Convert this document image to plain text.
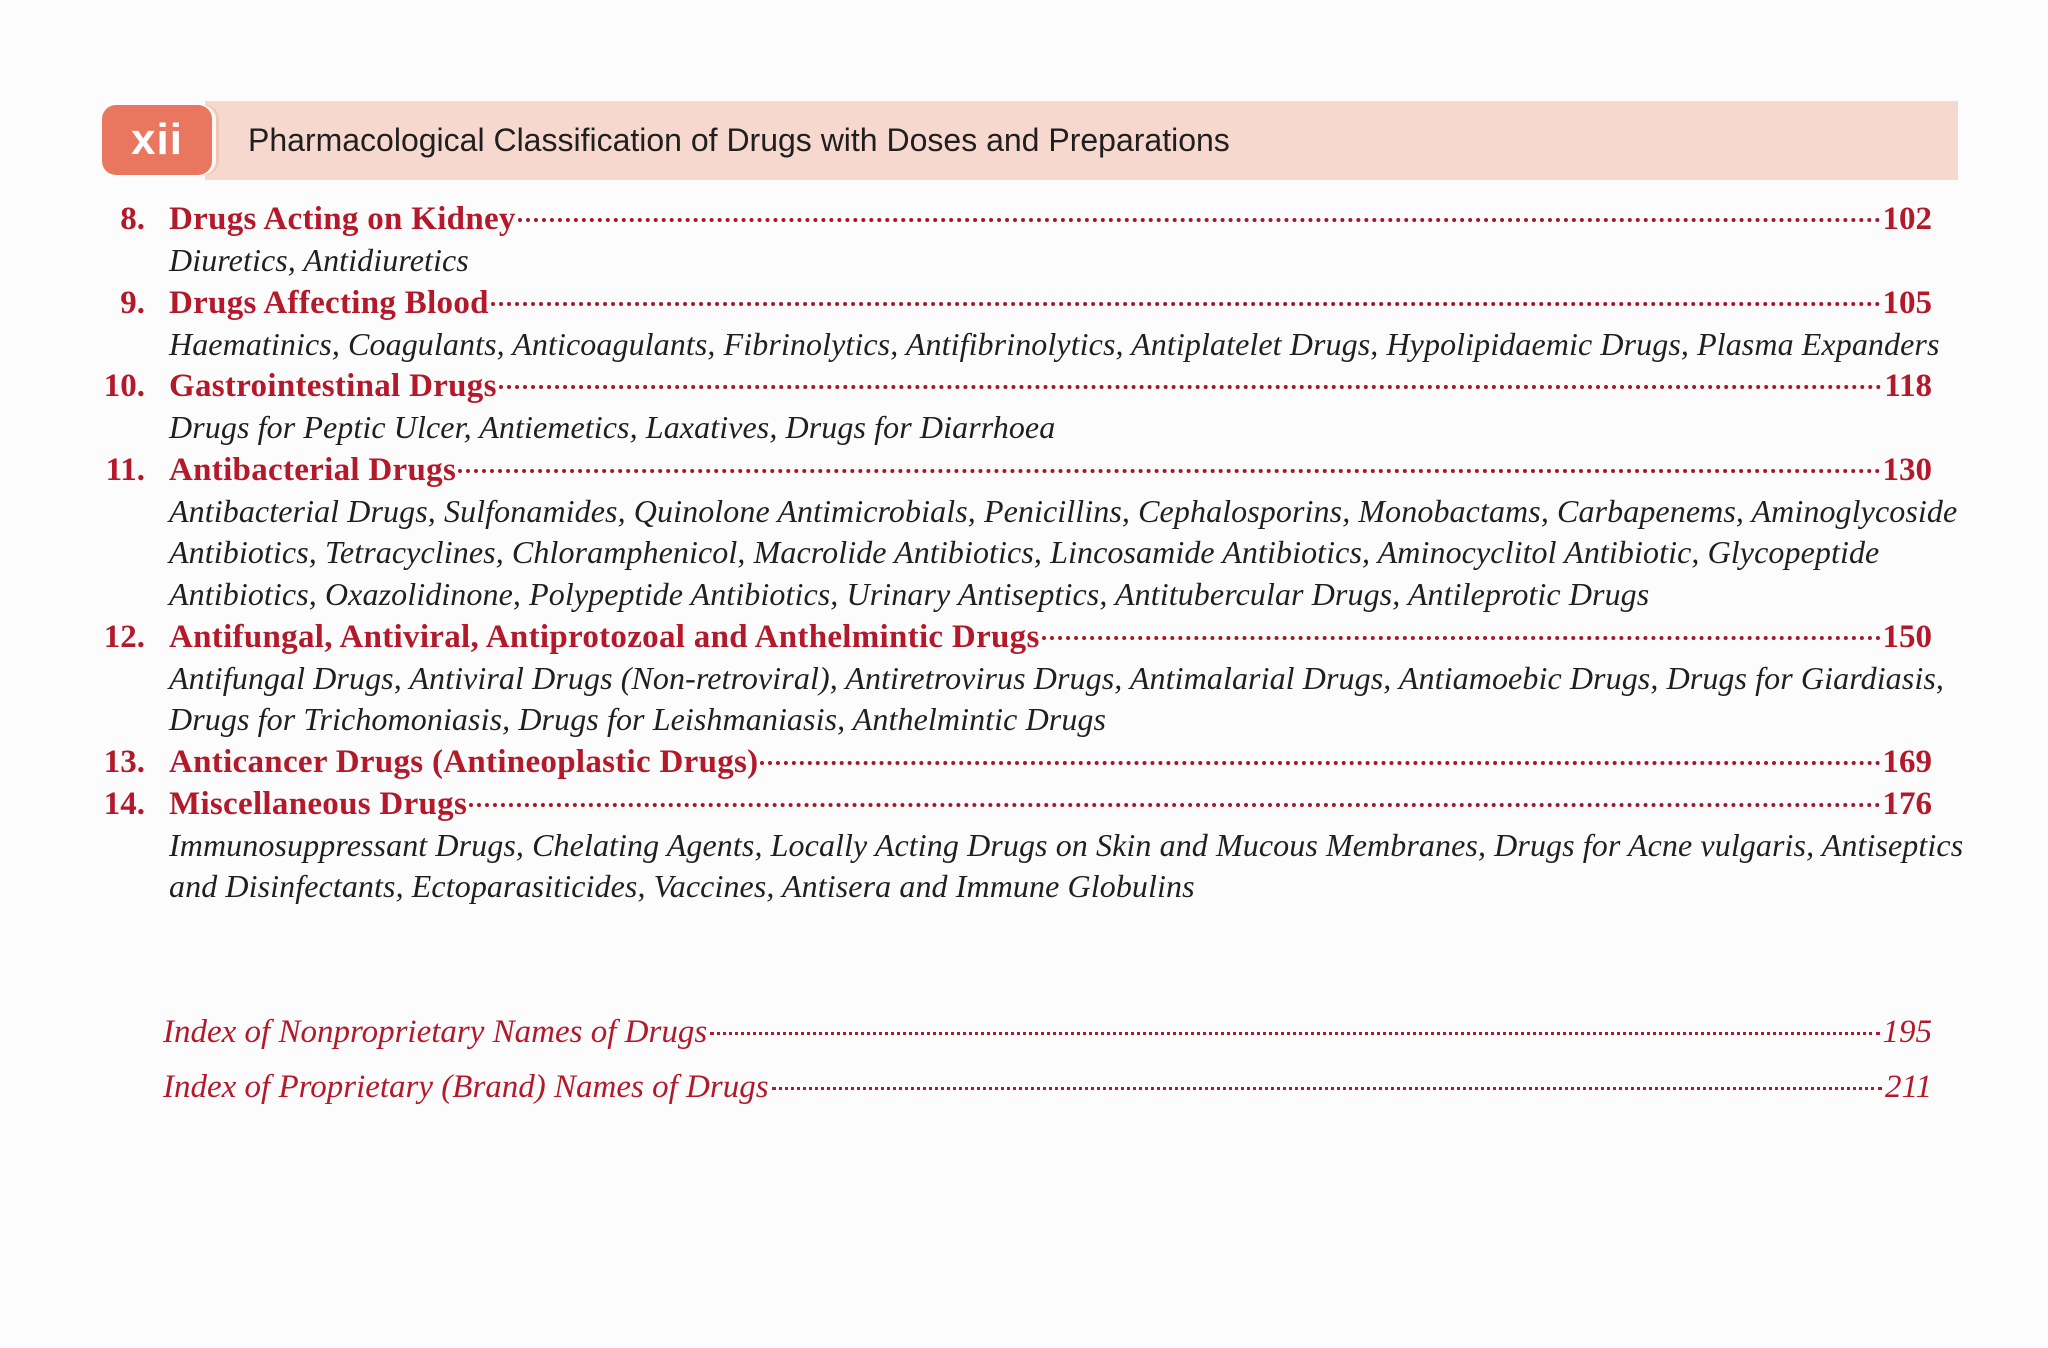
xii	Pharmacological Classification of Drugs with Doses and Preparations
8. Drugs Acting on Kidney	102
Diuretics, Antidiuretics
9. Drugs Affecting Blood	105
Haematinics, Coagulants, Anticoagulants, Fibrinolytics, Antifibrinolytics, Antiplatelet Drugs, Hypolipidaemic Drugs, Plasma Expanders
10. Gastrointestinal Drugs	118
Drugs for Peptic Ulcer, Antiemetics, Laxatives, Drugs for Diarrhoea
11. Antibacterial Drugs	130
Antibacterial Drugs, Sulfonamides, Quinolone Antimicrobials, Penicillins, Cephalosporins, Monobactams, Carbapenems, Aminoglycoside Antibiotics, Tetracyclines, Chloramphenicol, Macrolide Antibiotics, Lincosamide Antibiotics, Aminocyclitol Antibiotic, Glycopeptide Antibiotics, Oxazolidinone, Polypeptide Antibiotics, Urinary Antiseptics, Antitubercular Drugs, Antileprotic Drugs
12. Antifungal, Antiviral, Antiprotozoal and Anthelmintic Drugs	150
Antifungal Drugs, Antiviral Drugs (Non-retroviral), Antiretrovirus Drugs, Antimalarial Drugs, Antiamoebic Drugs, Drugs for Giardiasis, Drugs for Trichomoniasis, Drugs for Leishmaniasis, Anthelmintic Drugs
13. Anticancer Drugs (Antineoplastic Drugs)	169
14. Miscellaneous Drugs	176
Immunosuppressant Drugs, Chelating Agents, Locally Acting Drugs on Skin and Mucous Membranes, Drugs for Acne vulgaris, Antiseptics and Disinfectants, Ectoparasiticides, Vaccines, Antisera and Immune Globulins
Index of Nonproprietary Names of Drugs	195
Index of Proprietary (Brand) Names of Drugs	211
